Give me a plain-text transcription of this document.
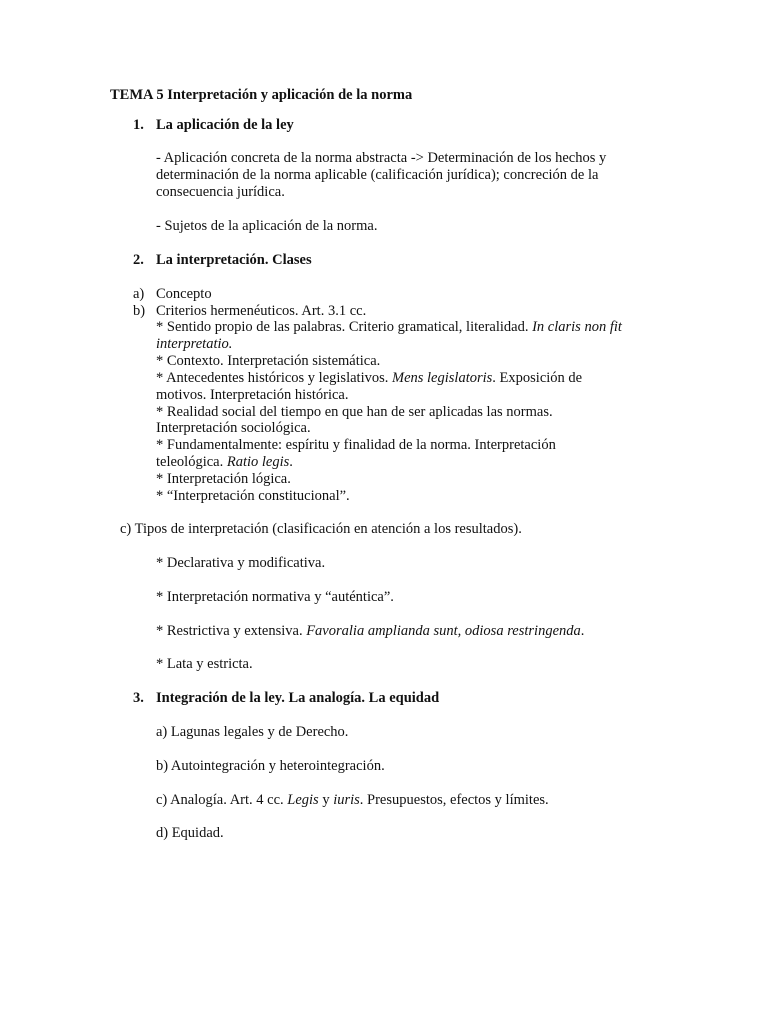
TEMA 5 Interpretación y aplicación de la norma
1. La aplicación de la ley
- Aplicación concreta de la norma abstracta -> Determinación de los hechos y
determinación de la norma aplicable (calificación jurídica); concreción de la
consecuencia jurídica.
- Sujetos de la aplicación de la norma.
2. La interpretación. Clases
a) Concepto
b) Criterios hermenéuticos. Art. 3.1 cc.
* Sentido propio de las palabras. Criterio gramatical, literalidad. In claris non fit
interpretatio.
* Contexto. Interpretación sistemática.
* Antecedentes históricos y legislativos. Mens legislatoris. Exposición de
motivos. Interpretación histórica.
* Realidad social del tiempo en que han de ser aplicadas las normas.
Interpretación sociológica.
* Fundamentalmente: espíritu y finalidad de la norma. Interpretación
teleológica. Ratio legis.
* Interpretación lógica.
* “Interpretación constitucional”.
c) Tipos de interpretación (clasificación en atención a los resultados).
* Declarativa y modificativa.
* Interpretación normativa y “auténtica”.
* Restrictiva y extensiva. Favoralia amplianda sunt, odiosa restringenda.
* Lata y estricta.
3. Integración de la ley. La analogía. La equidad
a) Lagunas legales y de Derecho.
b) Autointegración y heterointegración.
c) Analogía. Art. 4 cc. Legis y iuris. Presupuestos, efectos y límites.
d) Equidad.
